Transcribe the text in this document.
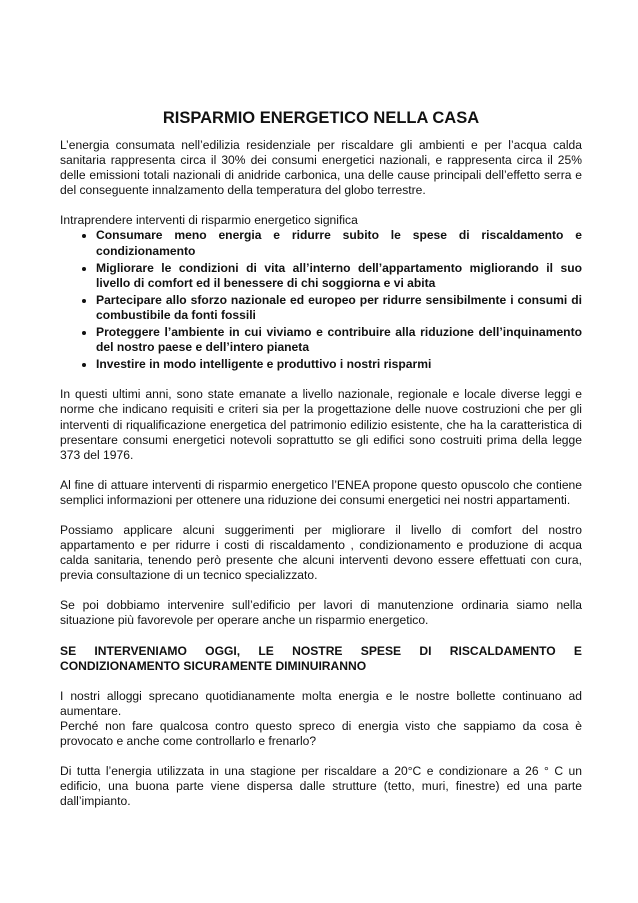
RISPARMIO ENERGETICO NELLA CASA

L’energia consumata nell’edilizia residenziale per riscaldare gli ambienti e per l’acqua calda sanitaria rappresenta circa il 30% dei consumi energetici nazionali, e rappresenta circa il 25% delle emissioni totali nazionali di anidride carbonica, una delle cause principali dell’effetto serra e del conseguente innalzamento della temperatura del globo terrestre.

Intraprendere interventi di risparmio energetico significa

• Consumare meno energia e ridurre subito le spese di riscaldamento e condizionamento
• Migliorare le condizioni di vita all’interno dell’appartamento migliorando il suo livello di comfort ed il benessere di chi soggiorna e vi abita
• Partecipare allo sforzo nazionale ed europeo per ridurre sensibilmente i consumi di combustibile da fonti fossili
• Proteggere l’ambiente in cui viviamo e contribuire alla riduzione dell’inquinamento del nostro paese e dell’intero pianeta
• Investire in modo intelligente e produttivo i nostri risparmi

In questi ultimi anni, sono state emanate a livello nazionale, regionale e locale diverse leggi e norme che indicano requisiti e criteri sia per la progettazione delle nuove costruzioni che per gli interventi di riqualificazione energetica del patrimonio edilizio esistente, che ha la caratteristica di presentare consumi energetici notevoli soprattutto se gli edifici sono costruiti prima della legge 373 del 1976.

Al fine di attuare interventi di risparmio energetico l’ENEA propone questo opuscolo che contiene semplici informazioni per ottenere una riduzione dei consumi energetici nei nostri appartamenti.

Possiamo applicare alcuni suggerimenti per migliorare il livello di comfort del nostro appartamento e per ridurre i costi di riscaldamento , condizionamento e produzione di acqua calda sanitaria, tenendo però presente che alcuni interventi devono essere effettuati con cura, previa consultazione di un tecnico specializzato.

Se poi dobbiamo intervenire sull’edificio per lavori di manutenzione ordinaria siamo nella situazione più favorevole per operare anche un risparmio energetico.

SE INTERVENIAMO OGGI, LE NOSTRE SPESE DI RISCALDAMENTO E CONDIZIONAMENTO SICURAMENTE DIMINUIRANNO

I nostri alloggi sprecano quotidianamente molta energia e le nostre bollette continuano ad aumentare.

Perché non fare qualcosa contro questo spreco di energia visto che sappiamo da cosa è provocato e anche come controllarlo e frenarlo?

Di tutta l’energia utilizzata in una stagione per riscaldare a 20°C e condizionare a 26 ° C un edificio, una buona parte viene dispersa dalle strutture (tetto, muri, finestre) ed una parte dall’impianto.
